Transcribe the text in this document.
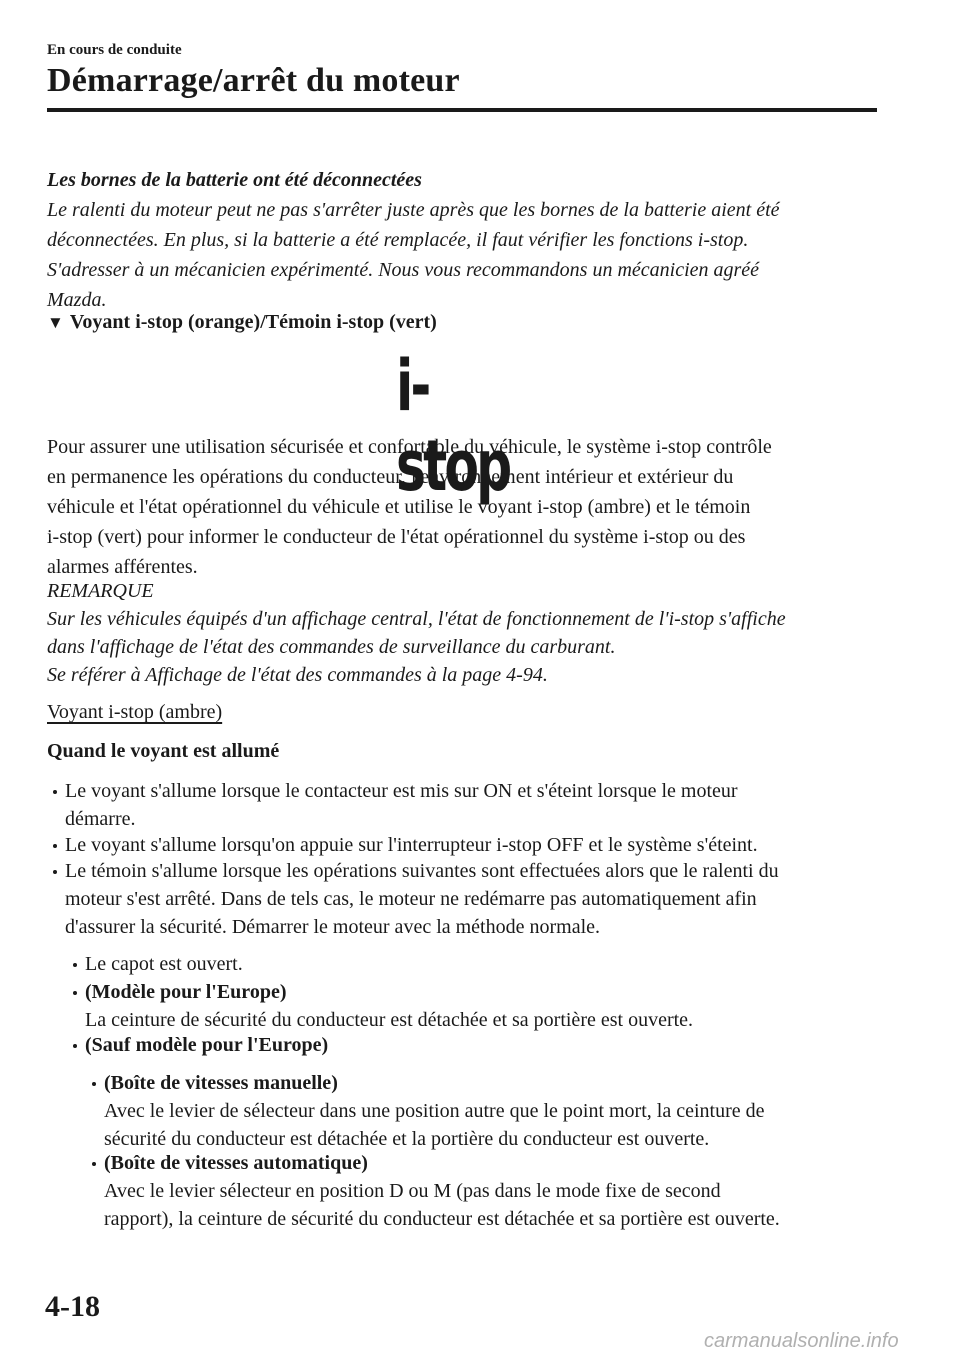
En cours de conduite
Démarrage/arrêt du moteur
Les bornes de la batterie ont été déconnectées
Le ralenti du moteur peut ne pas s'arrêter juste après que les bornes de la batterie aient été
déconnectées. En plus, si la batterie a été remplacée, il faut vérifier les fonctions i-stop.
S'adresser à un mécanicien expérimenté. Nous vous recommandons un mécanicien agréé
Mazda.
▼ Voyant i-stop (orange)/Témoin i-stop (vert)
i-stop
Pour assurer une utilisation sécurisée et confortable du véhicule, le système i-stop contrôle
en permanence les opérations du conducteur, l'environnement intérieur et extérieur du
véhicule et l'état opérationnel du véhicule et utilise le voyant i-stop (ambre) et le témoin
i-stop (vert) pour informer le conducteur de l'état opérationnel du système i-stop ou des
alarmes afférentes.
REMARQUE
Sur les véhicules équipés d'un affichage central, l'état de fonctionnement de l'i-stop s'affiche
dans l'affichage de l'état des commandes de surveillance du carburant.
Se référer à Affichage de l'état des commandes à la page 4-94.
Voyant i-stop (ambre)
Quand le voyant est allumé
Le voyant s'allume lorsque le contacteur est mis sur ON et s'éteint lorsque le moteur
démarre.
Le voyant s'allume lorsqu'on appuie sur l'interrupteur i-stop OFF et le système s'éteint.
Le témoin s'allume lorsque les opérations suivantes sont effectuées alors que le ralenti du
moteur s'est arrêté. Dans de tels cas, le moteur ne redémarre pas automatiquement afin
d'assurer la sécurité. Démarrer le moteur avec la méthode normale.
Le capot est ouvert.
(Modèle pour l'Europe)
La ceinture de sécurité du conducteur est détachée et sa portière est ouverte.
(Sauf modèle pour l'Europe)
(Boîte de vitesses manuelle)
Avec le levier de sélecteur dans une position autre que le point mort, la ceinture de
sécurité du conducteur est détachée et la portière du conducteur est ouverte.
(Boîte de vitesses automatique)
Avec le levier sélecteur en position D ou M (pas dans le mode fixe de second
rapport), la ceinture de sécurité du conducteur est détachée et sa portière est ouverte.
4-18
carmanualsonline.info
